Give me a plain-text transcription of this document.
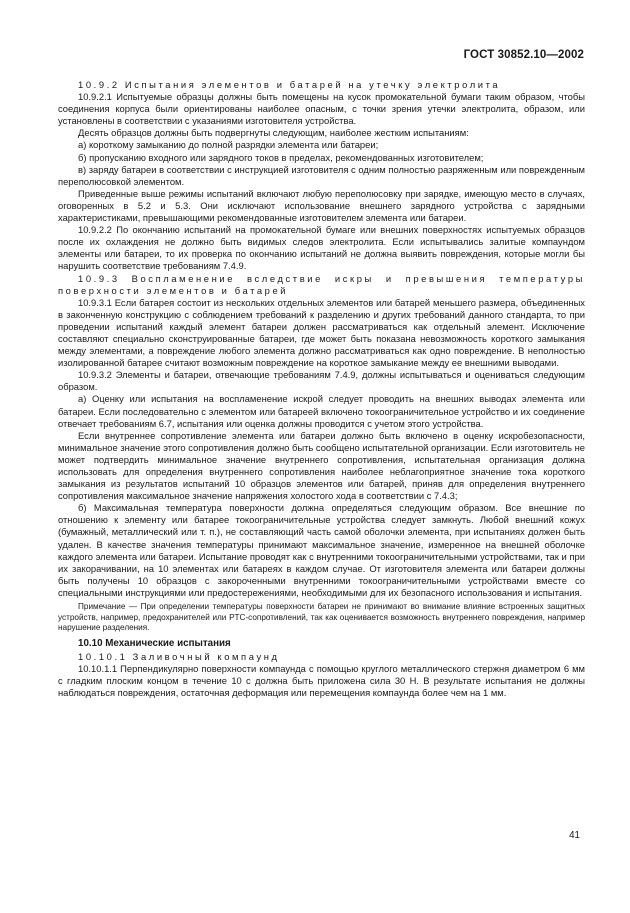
ГОСТ 30852.10—2002

10.9.2 Испытания элементов и батарей на утечку электролита

10.9.2.1 Испытуемые образцы должны быть помещены на кусок промокательной бумаги таким образом, чтобы соединения корпуса были ориентированы наиболее опасным, с точки зрения утечки электролита, образом, или установлены в соответствии с указаниями изготовителя устройства.

Десять образцов должны быть подвергнуты следующим, наиболее жестким испытаниям:

а) короткому замыканию до полной разрядки элемента или батареи;

б) пропусканию входного или зарядного токов в пределах, рекомендованных изготовителем;

в) заряду батареи в соответствии с инструкцией изготовителя с одним полностью разряженным или поврежденным переполюсовкой элементом.

Приведенные выше режимы испытаний включают любую переполюсовку при зарядке, имеющую место в случаях, оговоренных в 5.2 и 5.3. Они исключают использование внешнего зарядного устройства с зарядными характеристиками, превышающими рекомендованные изготовителем элемента или батареи.

10.9.2.2 По окончанию испытаний на промокательной бумаге или внешних поверхностях испытуемых образцов после их охлаждения не должно быть видимых следов электролита. Если испытывались залитые компаундом элементы или батареи, то их проверка по окончанию испытаний не должна выявить повреждения, которые могли бы нарушить соответствие требованиям 7.4.9.

10.9.3 Воспламенение вследствие искры и превышения температуры поверхности элементов и батарей

10.9.3.1 Если батарея состоит из нескольких отдельных элементов или батарей меньшего размера, объединенных в законченную конструкцию с соблюдением требований к разделению и других требований данного стандарта, то при проведении испытаний каждый элемент батареи должен рассматриваться как отдельный элемент. Исключение составляют специально сконструированные батареи, где может быть показана невозможность короткого замыкания между элементами, а повреждение любого элемента должно рассматриваться как одно повреждение. В неполностью изолированной батарее считают возможным повреждение на короткое замыкание между ее внешними выводами.

10.9.3.2 Элементы и батареи, отвечающие требованиям 7.4.9, должны испытываться и оцениваться следующим образом.

а) Оценку или испытания на воспламенение искрой следует проводить на внешних выводах элемента или батареи. Если последовательно с элементом или батареей включено токоограничительное устройство и их соединение отвечает требованиям 6.7, испытания или оценка должны проводится с учетом этого устройства.

Если внутреннее сопротивление элемента или батареи должно быть включено в оценку искробезопасности, минимальное значение этого сопротивления должно быть сообщено испытательной организации. Если изготовитель не может подтвердить минимальное значение внутреннего сопротивления, испытательная организация должна использовать для определения внутреннего сопротивления наиболее неблагоприятное значение тока короткого замыкания из результатов испытаний 10 образцов элементов или батарей, приняв для определения внутреннего сопротивления максимальное значение напряжения холостого хода в соответствии с 7.4.3;

б) Максимальная температура поверхности должна определяться следующим образом. Все внешние по отношению к элементу или батарее токоограничительные устройства следует замкнуть. Любой внешний кожух (бумажный, металлический или т. п.), не составляющий часть самой оболочки элемента, при испытаниях должен быть удален. В качестве значения температуры принимают максимальное значение, измеренное на внешней оболочке каждого элемента или батареи. Испытание проводят как с внутренними токоограничительными устройствами, так и при их закорачивании, на 10 элементах или батареях в каждом случае. От изготовителя элемента или батареи должны быть получены 10 образцов с закороченными внутренними токоограничительными устройствами вместе со специальными инструкциями или предостережениями, необходимыми для их безопасного использования и испытания.

Примечание — При определении температуры поверхности батареи не принимают во внимание влияние встроенных защитных устройств, например, предохранителей или PTC-сопротивлений, так как оценивается возможность внутреннего повреждения, например нарушение разделения.

10.10 Механические испытания

10.10.1 Заливочный компаунд

10.10.1.1 Перпендикулярно поверхности компаунда с помощью круглого металлического стержня диаметром 6 мм с гладким плоским концом в течение 10 с должна быть приложена сила 30 Н. В результате испытания не должны наблюдаться повреждения, остаточная деформация или перемещения компаунда более чем на 1 мм.

41
